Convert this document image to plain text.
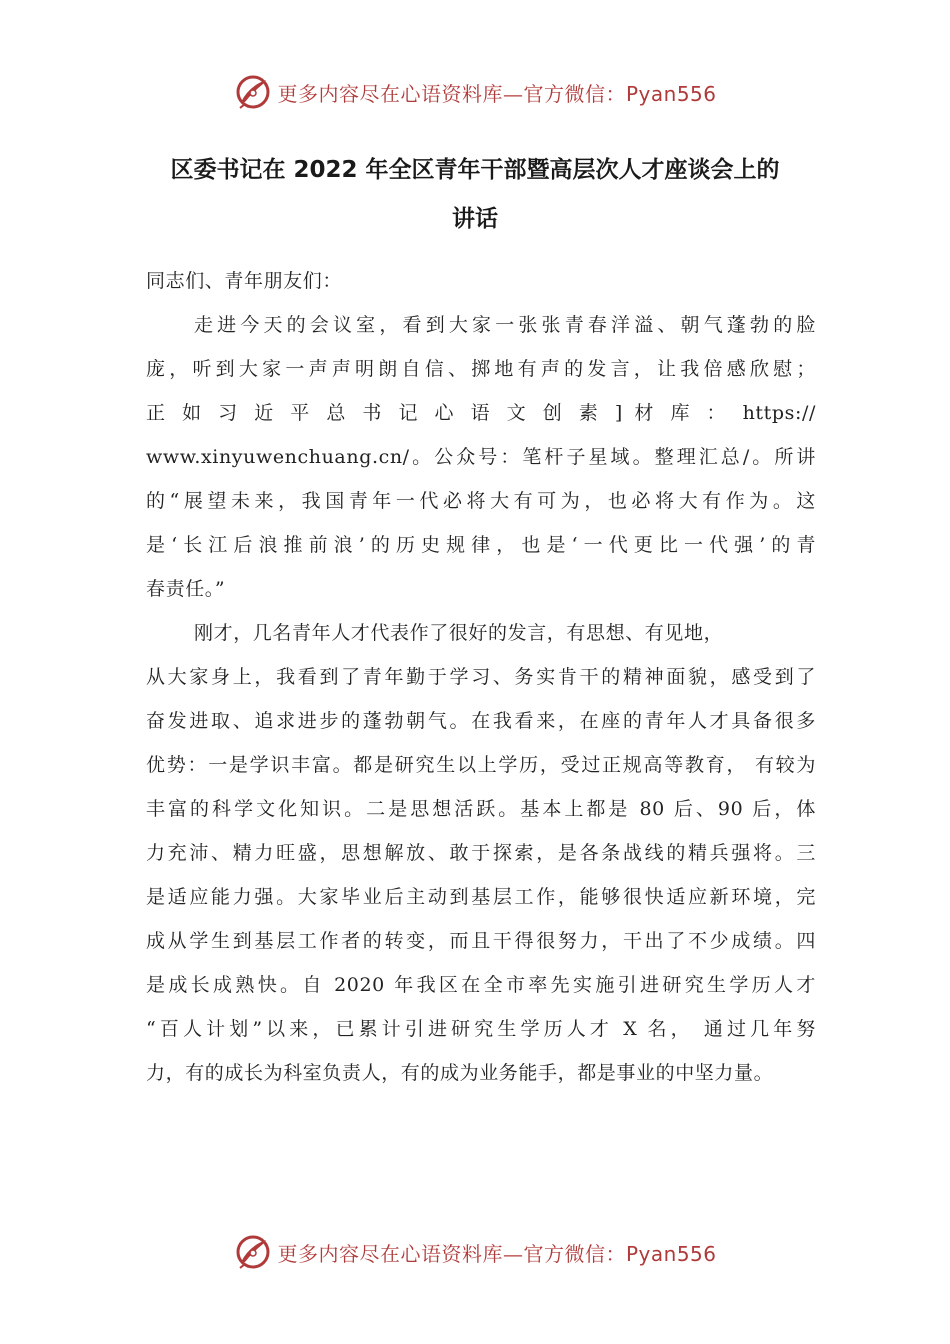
更多内容尽在心语资料库—官方微信：Pyan556
区委书记在 2022 年全区青年干部暨高层次人才座谈会上的
讲话
同志们、青年朋友们：
走进今天的会议室，看到大家一张张青春洋溢、朝气蓬勃的脸
庞，听到大家一声声明朗自信、掷地有声的发言，让我倍感欣慰；
正 如 习 近 平 总 书 记 心 语 文 创 素 ] 材 库 ： https://
www.xinyuwenchuang.cn/。公众号：笔杆子星域。整理汇总/。所讲
的“展望未来，我国青年一代必将大有可为，也必将大有作为。这
是‘长江后浪推前浪’的历史规律，也是‘一代更比一代强’的青
春责任。”
刚才，几名青年人才代表作了很好的发言，有思想、有见地，
从大家身上，我看到了青年勤于学习、务实肯干的精神面貌，感受到了
奋发进取、追求进步的蓬勃朝气。在我看来，在座的青年人才具备很多
优势：一是学识丰富。都是研究生以上学历，受过正规高等教育， 有较为
丰富的科学文化知识。二是思想活跃。基本上都是 80 后、90 后，体
力充沛、精力旺盛，思想解放、敢于探索，是各条战线的精兵强将。三
是适应能力强。大家毕业后主动到基层工作，能够很快适应新环境，完
成从学生到基层工作者的转变，而且干得很努力，干出了不少成绩。四
是成长成熟快。自 2020 年我区在全市率先实施引进研究生学历人才
“百人计划”以来，已累计引进研究生学历人才 X 名， 通过几年努
力，有的成长为科室负责人，有的成为业务能手，都是事业的中坚力量。
更多内容尽在心语资料库—官方微信：Pyan556
